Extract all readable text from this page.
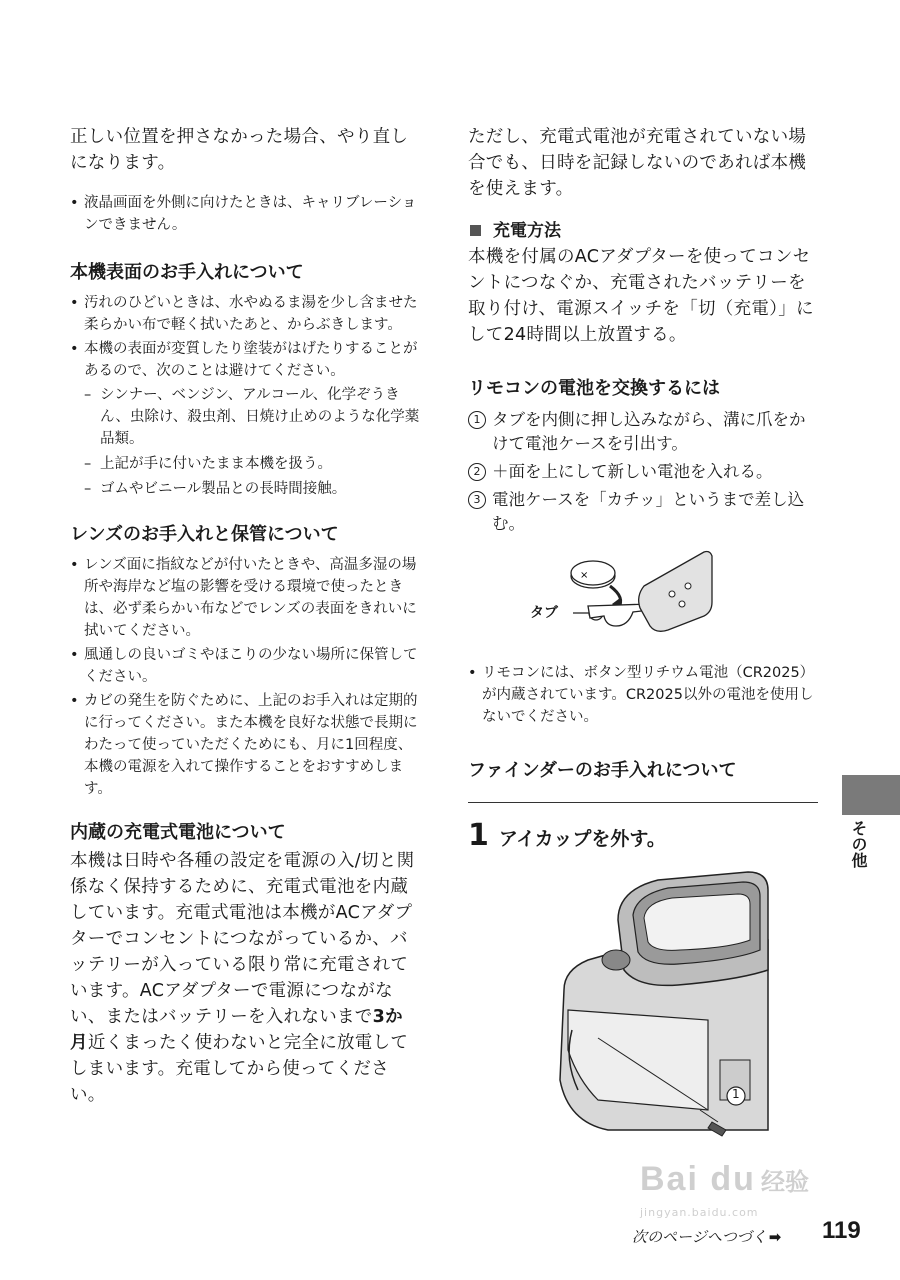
正しい位置を押さなかった場合、やり直しになります。

• 液晶画面を外側に向けたときは、キャリブレーションできません。
本機表面のお手入れについて
• 汚れのひどいときは、水やぬるま湯を少し含ませた柔らかい布で軽く拭いたあと、からぶきします。
• 本機の表面が変質したり塗装がはげたりすることがあるので、次のことは避けてください。
– シンナー、ベンジン、アルコール、化学ぞうきん、虫除け、殺虫剤、日焼け止めのような化学薬品類。
– 上記が手に付いたまま本機を扱う。
– ゴムやビニール製品との長時間接触。
レンズのお手入れと保管について
• レンズ面に指紋などが付いたときや、高温多湿の場所や海岸など塩の影響を受ける環境で使ったときは、必ず柔らかい布などでレンズの表面をきれいに拭いてください。
• 風通しの良いゴミやほこりの少ない場所に保管してください。
• カビの発生を防ぐために、上記のお手入れは定期的に行ってください。また本機を良好な状態で長期にわたって使っていただくためにも、月に1回程度、本機の電源を入れて操作することをおすすめします。
内蔵の充電式電池について

本機は日時や各種の設定を電源の入/切と関係なく保持するために、充電式電池を内蔵しています。充電式電池は本機がACアダプターでコンセントにつながっているか、バッテリーが入っている限り常に充電されています。ACアダプターで電源につながない、またはバッテリーを入れないまで3か月近くまったく使わないと完全に放電してしまいます。充電してから使ってください。

ただし、充電式電池が充電されていない場合でも、日時を記録しないのであれば本機を使えます。

充電方法

本機を付属のACアダプターを使ってコンセントにつなぐか、充電されたバッテリーを取り付け、電源スイッチを「切（充電）」にして24時間以上放置する。

リモコンの電池を交換するには
1 タブを内側に押し込みながら、溝に爪をかけて電池ケースを引出す。
2 ＋面を上にして新しい電池を入れる。
3 電池ケースを「カチッ」というまで差し込む。
タブ
×
• リモコンには、ボタン型リチウム電池（CR2025）が内蔵されています。CR2025以外の電池を使用しないでください。
ファインダーのお手入れについて

1 アイカップを外す。

1
その他
Bai du 经验
jingyan.baidu.com
次のページへつづく ➡ 119
